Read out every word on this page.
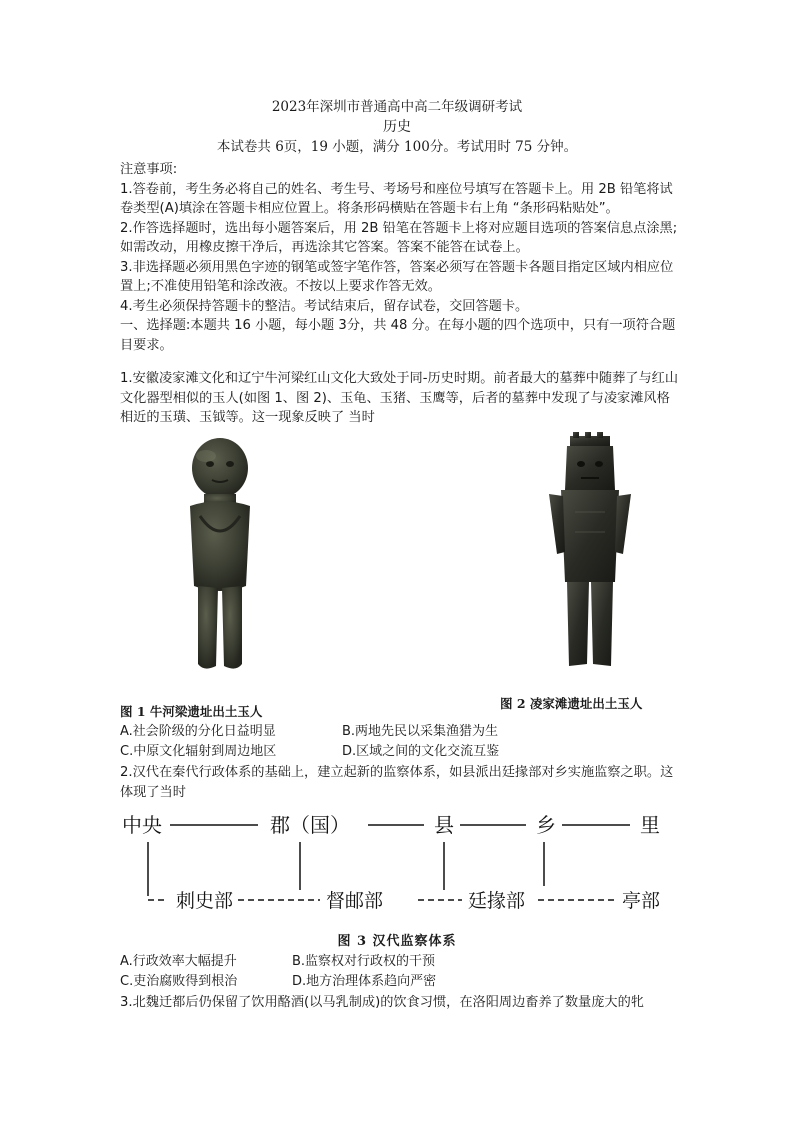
2023年深圳市普通高中高二年级调研考试
历史
本试卷共 6页，19 小题，满分 100分。考试用时 75 分钟。

注意事项:

1.答卷前，考生务必将自己的姓名、考生号、考场号和座位号填写在答题卡上。用 2B 铅笔将试卷类型(A)填涂在答题卡相应位置上。将条形码横贴在答题卡右上角 “条形码粘贴处”。

2.作答选择题时，选出每小题答案后，用 2B 铅笔在答题卡上将对应题目选项的答案信息点涂黑;如需改动，用橡皮擦干净后，再选涂其它答案。答案不能答在试卷上。

3.非选择题必须用黑色字迹的钢笔或签字笔作答，答案必须写在答题卡各题目指定区域内相应位置上;不准使用铅笔和涂改液。不按以上要求作答无效。

4.考生必须保持答题卡的整洁。考试结束后，留存试卷，交回答题卡。

一、选择题:本题共 16 小题，每小题 3分，共 48 分。在每小题的四个选项中，只有一项符合题目要求。

1.安徽凌家滩文化和辽宁牛河梁红山文化大致处于同-历史时期。前者最大的墓葬中随葬了与红山文化器型相似的玉人(如图 1、图 2)、玉龟、玉猪、玉鹰等，后者的墓葬中发现了与凌家滩风格相近的玉璜、玉钺等。这一现象反映了 当时

图 1 牛河梁遗址出土玉人
图 2 凌家滩遗址出土玉人
A.社会阶级的分化日益明显	B.两地先民以采集渔猎为生
C.中原文化辐射到周边地区	D.区域之间的文化交流互鉴

2.汉代在秦代行政体系的基础上，建立起新的监察体系，如县派出廷掾部对乡实施监察之职。这体现了当时

中央	郡（国）	县	乡	里
刺史部	督邮部	廷掾部	亭部
图 3 汉代监察体系
A.行政效率大幅提升	B.监察权对行政权的干预
C.吏治腐败得到根治	D.地方治理体系趋向严密

3.北魏迁都后仍保留了饮用酪酒(以马乳制成)的饮食习惯，在洛阳周边畜养了数量庞大的牝
